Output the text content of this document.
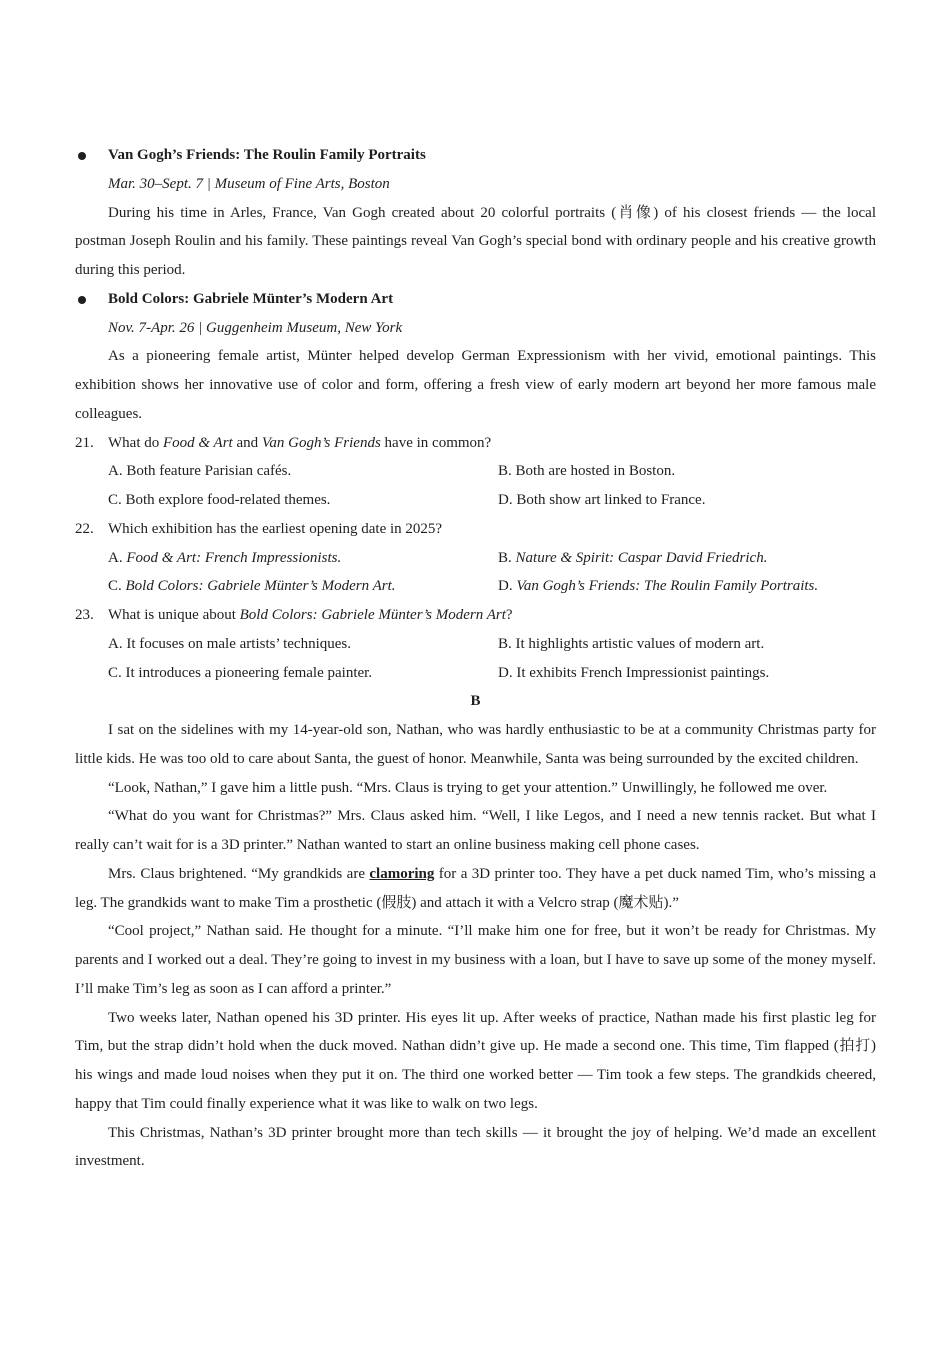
Van Gogh’s Friends: The Roulin Family Portraits
Mar. 30–Sept. 7 | Museum of Fine Arts, Boston
During his time in Arles, France, Van Gogh created about 20 colorful portraits (肖像) of his closest friends — the local postman Joseph Roulin and his family. These paintings reveal Van Gogh’s special bond with ordinary people and his creative growth during this period.
Bold Colors: Gabriele Münter’s Modern Art
Nov. 7-Apr. 26 | Guggenheim Museum, New York
As a pioneering female artist, Münter helped develop German Expressionism with her vivid, emotional paintings. This exhibition shows her innovative use of color and form, offering a fresh view of early modern art beyond her more famous male colleagues.
21. What do Food & Art and Van Gogh’s Friends have in common?
A. Both feature Parisian cafés.	B. Both are hosted in Boston.
C. Both explore food-related themes.	D. Both show art linked to France.
22. Which exhibition has the earliest opening date in 2025?
A. Food & Art: French Impressionists.	B. Nature & Spirit: Caspar David Friedrich.
C. Bold Colors: Gabriele Münter’s Modern Art.	D. Van Gogh’s Friends: The Roulin Family Portraits.
23. What is unique about Bold Colors: Gabriele Münter’s Modern Art?
A. It focuses on male artists’ techniques.	B. It highlights artistic values of modern art.
C. It introduces a pioneering female painter.	D. It exhibits French Impressionist paintings.
B
I sat on the sidelines with my 14-year-old son, Nathan, who was hardly enthusiastic to be at a community Christmas party for little kids. He was too old to care about Santa, the guest of honor. Meanwhile, Santa was being surrounded by the excited children.
“Look, Nathan,” I gave him a little push. “Mrs. Claus is trying to get your attention.” Unwillingly, he followed me over.
“What do you want for Christmas?” Mrs. Claus asked him. “Well, I like Legos, and I need a new tennis racket. But what I really can’t wait for is a 3D printer.” Nathan wanted to start an online business making cell phone cases.
Mrs. Claus brightened. “My grandkids are clamoring for a 3D printer too. They have a pet duck named Tim, who’s missing a leg. The grandkids want to make Tim a prosthetic (假肢) and attach it with a Velcro strap (魔术贴).”
“Cool project,” Nathan said. He thought for a minute. “I’ll make him one for free, but it won’t be ready for Christmas. My parents and I worked out a deal. They’re going to invest in my business with a loan, but I have to save up some of the money myself. I’ll make Tim’s leg as soon as I can afford a printer.”
Two weeks later, Nathan opened his 3D printer. His eyes lit up. After weeks of practice, Nathan made his first plastic leg for Tim, but the strap didn’t hold when the duck moved. Nathan didn’t give up. He made a second one. This time, Tim flapped (拍打) his wings and made loud noises when they put it on. The third one worked better — Tim took a few steps. The grandkids cheered, happy that Tim could finally experience what it was like to walk on two legs.
This Christmas, Nathan’s 3D printer brought more than tech skills — it brought the joy of helping. We’d made an excellent investment.
